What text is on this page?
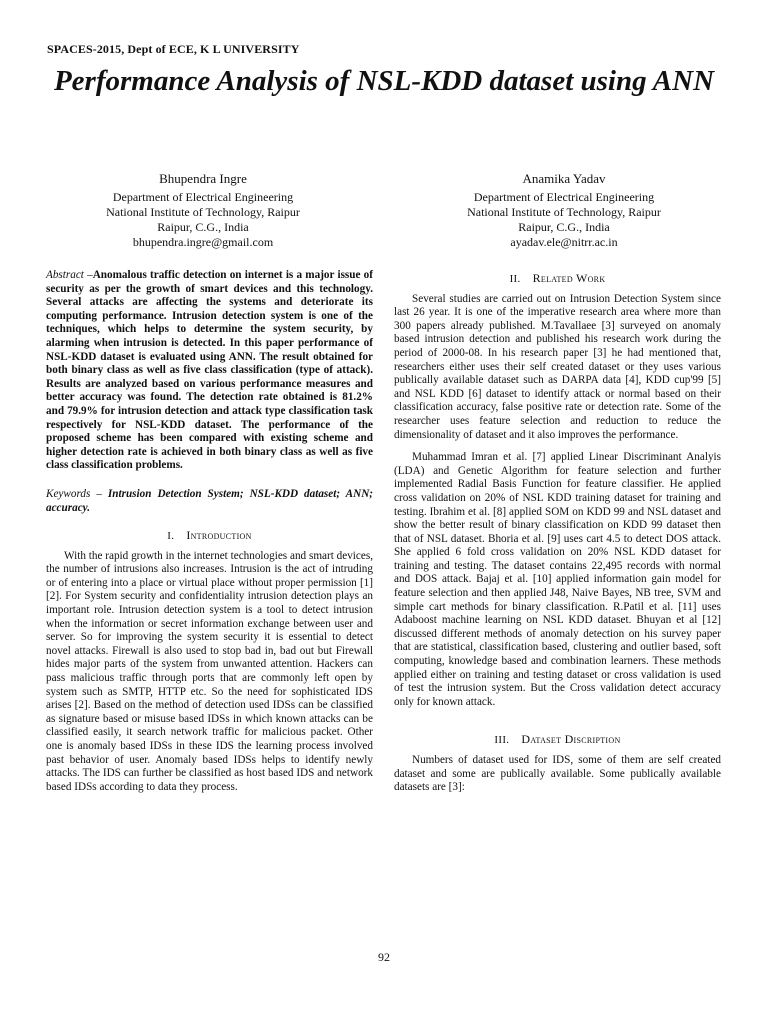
SPACES-2015, Dept of ECE, K L UNIVERSITY
Performance Analysis of NSL-KDD dataset using ANN
Bhupendra Ingre
Department of Electrical Engineering
National Institute of Technology, Raipur
Raipur, C.G., India
bhupendra.ingre@gmail.com
Anamika Yadav
Department of Electrical Engineering
National Institute of Technology, Raipur
Raipur, C.G., India
ayadav.ele@nitrr.ac.in

Abstract –Anomalous traffic detection on internet is a major issue of security as per the growth of smart devices and this technology. Several attacks are affecting the systems and deteriorate its computing performance. Intrusion detection system is one of the techniques, which helps to determine the system security, by alarming when intrusion is detected. In this paper performance of NSL-KDD dataset is evaluated using ANN. The result obtained for both binary class as well as five class classification (type of attack). Results are analyzed based on various performance measures and better accuracy was found. The detection rate obtained is 81.2% and 79.9% for intrusion detection and attack type classification task respectively for NSL-KDD dataset. The performance of the proposed scheme has been compared with existing scheme and higher detection rate is achieved in both binary class as well as five class classification problems.

Keywords – Intrusion Detection System; NSL-KDD dataset; ANN; accuracy.

I. Introduction

With the rapid growth in the internet technologies and smart devices, the number of intrusions also increases. Intrusion is the act of intruding or of entering into a place or virtual place without proper permission [1] [2]. For System security and confidentiality intrusion detection plays an important role. Intrusion detection system is a tool to detect intrusion when the information or secret information exchange between user and server. So for improving the system security it is essential to detect novel attacks. Firewall is also used to stop bad in, bad out but Firewall hides major parts of the system from unwanted attention. Hackers can pass malicious traffic through ports that are commonly left open by system such as SMTP, HTTP etc. So the need for sophisticated IDS arises [2]. Based on the method of detection used IDSs can be classified as signature based or misuse based IDSs in which known attacks can be classified easily, it search network traffic for malicious packet. Other one is anomaly based IDSs in these IDS the learning process involved past behavior of user. Anomaly based IDSs helps to identify newly attacks. The IDS can further be classified as host based IDS and network based IDSs according to data they process.

II. Related Work

Several studies are carried out on Intrusion Detection System since last 26 year. It is one of the imperative research area where more than 300 papers already published. M.Tavallaee [3] surveyed on anomaly based intrusion detection and published his research work during the period of 2000-08. In his research paper [3] he had mentioned that, researchers either uses their self created dataset or they uses various publically available dataset such as DARPA data [4], KDD cup'99 [5] and NSL KDD [6] dataset to identify attack or normal based on their classification accuracy, false positive rate or detection rate. Some of the researcher uses feature selection and reduction to reduce the dimensionality of dataset and it also improves the performance.

Muhammad Imran et al. [7] applied Linear Discriminant Analyis (LDA) and Genetic Algorithm for feature selection and further implemented Radial Basis Function for feature classifier. He applied cross validation on 20% of NSL KDD training dataset for training and testing. Ibrahim et al. [8] applied SOM on KDD 99 and NSL dataset and show the better result of binary classification on KDD 99 dataset then that of NSL dataset. Bhoria et al. [9] uses cart 4.5 to detect DOS attack. She applied 6 fold cross validation on 20% NSL KDD dataset for training and testing. The dataset contains 22,495 records with normal and DOS attack. Bajaj et al. [10] applied information gain model for feature selection and then applied J48, Naive Bayes, NB tree, SVM and simple cart methods for binary classification. R.Patil et al. [11] uses Adaboost machine learning on NSL KDD dataset. Bhuyan et al [12] discussed different methods of anomaly detection on his survey paper that are statistical, classification based, clustering and outlier based, soft computing, knowledge based and combination learners. These methods applied either on training and testing dataset or cross validation is used of test the intrusion system. But the Cross validation detect accuracy only for known attack.

III. Dataset Discription

Numbers of dataset used for IDS, some of them are self created dataset and some are publically available. Some publically available datasets are [3]:

92
